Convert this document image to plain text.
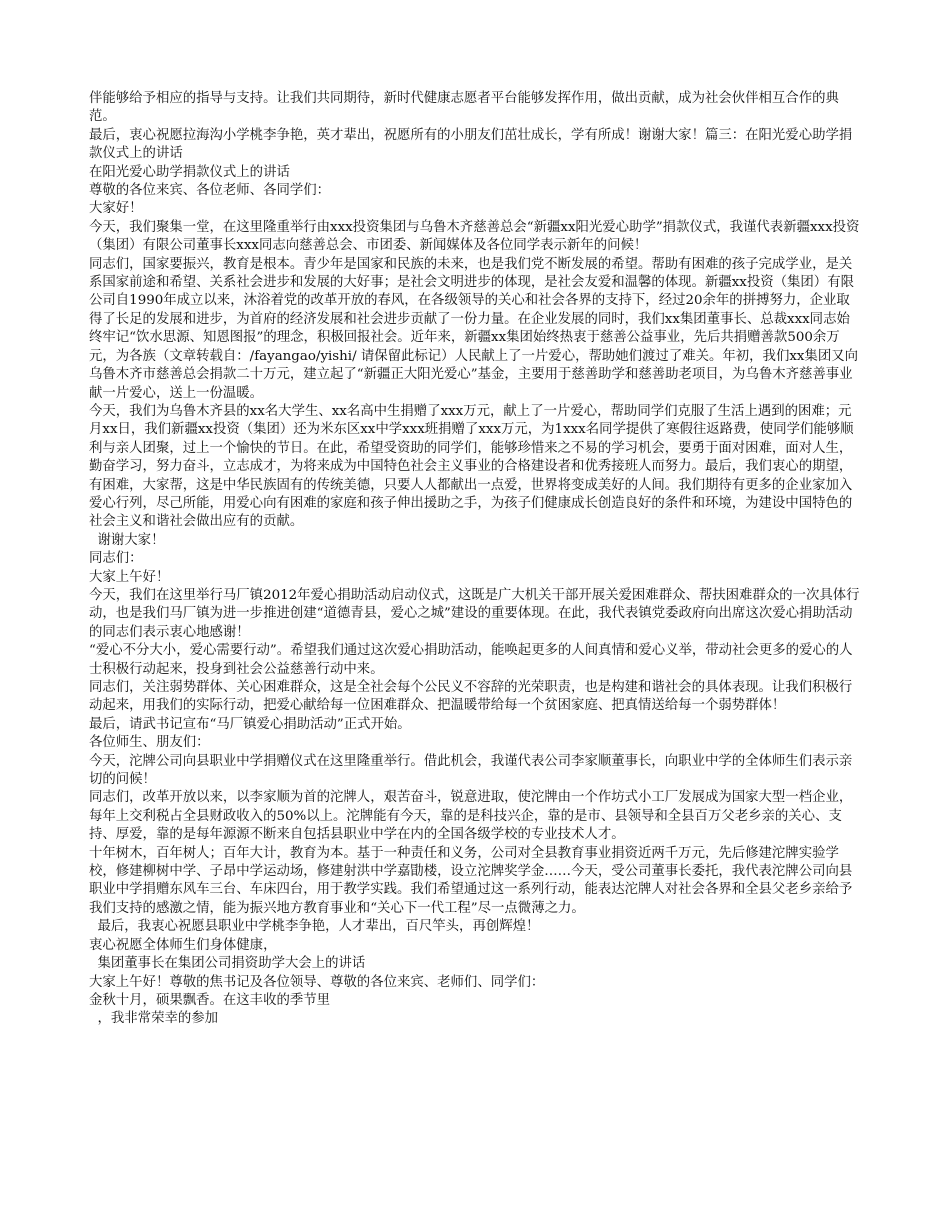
伴能够给予相应的指导与支持。让我们共同期待，新时代健康志愿者平台能够发挥作用，做出贡献，成为社会伙伴相互合作的典范。

最后，衷心祝愿拉海沟小学桃李争艳，英才辈出，祝愿所有的小朋友们茁壮成长，学有所成！谢谢大家！篇三：在阳光爱心助学捐款仪式上的讲话

在阳光爱心助学捐款仪式上的讲话

尊敬的各位来宾、各位老师、各同学们：

大家好！

今天，我们聚集一堂，在这里隆重举行由xxx投资集团与乌鲁木齐慈善总会“新疆xx阳光爱心助学”捐款仪式，我谨代表新疆xxx投资（集团）有限公司董事长xxx同志向慈善总会、市团委、新闻媒体及各位同学表示新年的问候！

同志们，国家要振兴，教育是根本。青少年是国家和民族的未来，也是我们党不断发展的希望。帮助有困难的孩子完成学业，是关系国家前途和希望、关系社会进步和发展的大好事；是社会文明进步的体现，是社会友爱和温馨的体现。新疆xx投资（集团）有限公司自1990年成立以来，沐浴着党的改革开放的春风，在各级领导的关心和社会各界的支持下，经过20余年的拼搏努力，企业取得了长足的发展和进步，为首府的经济发展和社会进步贡献了一份力量。在企业发展的同时，我们xx集团董事长、总裁xxx同志始终牢记“饮水思源、知恩图报”的理念，积极回报社会。近年来，新疆xx集团始终热衷于慈善公益事业，先后共捐赠善款500余万元，为各族（文章转载自：/fayangao/yishi/ 请保留此标记）人民献上了一片爱心，帮助她们渡过了难关。年初，我们xx集团又向乌鲁木齐市慈善总会捐款二十万元，建立起了“新疆正大阳光爱心”基金，主要用于慈善助学和慈善助老项目，为乌鲁木齐慈善事业献一片爱心，送上一份温暖。

今天，我们为乌鲁木齐县的xx名大学生、xx名高中生捐赠了xxx万元，献上了一片爱心，帮助同学们克服了生活上遇到的困难；元月xx日，我们新疆xx投资（集团）还为米东区xx中学xxx班捐赠了xxx万元，为1xxx名同学提供了寒假往返路费，使同学们能够顺利与亲人团聚，过上一个愉快的节日。在此，希望受资助的同学们，能够珍惜来之不易的学习机会，要勇于面对困难，面对人生，勤奋学习，努力奋斗，立志成才，为将来成为中国特色社会主义事业的合格建设者和优秀接班人而努力。最后，我们衷心的期望， 有困难，大家帮，这是中华民族固有的传统美德，只要人人都献出一点爱，世界将变成美好的人间。我们期待有更多的企业家加入爱心行列，尽己所能，用爱心向有困难的家庭和孩子伸出援助之手，为孩子们健康成长创造良好的条件和环境，为建设中国特色的社会主义和谐社会做出应有的贡献。

谢谢大家！

同志们：

大家上午好！

今天，我们在这里举行马厂镇2012年爱心捐助活动启动仪式，这既是广大机关干部开展关爱困难群众、帮扶困难群众的一次具体行动，也是我们马厂镇为进一步推进创建“道德青县，爱心之城”建设的重要体现。在此，我代表镇党委政府向出席这次爱心捐助活动的同志们表示衷心地感谢！

“爱心不分大小，爱心需要行动”。希望我们通过这次爱心捐助活动，能唤起更多的人间真情和爱心义举，带动社会更多的爱心的人士积极行动起来，投身到社会公益慈善行动中来。

同志们，关注弱势群体、关心困难群众，这是全社会每个公民义不容辞的光荣职责，也是构建和谐社会的具体表现。让我们积极行动起来，用我们的实际行动，把爱心献给每一位困难群众、把温暖带给每一个贫困家庭、把真情送给每一个弱势群体！

最后，请武书记宣布“马厂镇爱心捐助活动”正式开始。

各位师生、朋友们：

今天，沱牌公司向县职业中学捐赠仪式在这里隆重举行。借此机会，我谨代表公司李家顺董事长，向职业中学的全体师生们表示亲切的问候！

同志们，改革开放以来，以李家顺为首的沱牌人，艰苦奋斗，锐意进取，使沱牌由一个作坊式小工厂发展成为国家大型一档企业，每年上交利税占全县财政收入的50%以上。沱牌能有今天，靠的是科技兴企，靠的是市、县领导和全县百万父老乡亲的关心、支持、厚爱，靠的是每年源源不断来自包括县职业中学在内的全国各级学校的专业技术人才。

十年树木，百年树人；百年大计，教育为本。基于一种责任和义务，公司对全县教育事业捐资近两千万元，先后修建沱牌实验学校，修建柳树中学、子昂中学运动场，修建射洪中学嘉勖楼，设立沱牌奖学金……今天，受公司董事长委托，我代表沱牌公司向县职业中学捐赠东风车三台、车床四台，用于教学实践。我们希望通过这一系列行动，能表达沱牌人对社会各界和全县父老乡亲给予我们支持的感激之情，能为振兴地方教育事业和“关心下一代工程”尽一点微薄之力。

最后，我衷心祝愿县职业中学桃李争艳，人才辈出，百尺竿头，再创辉煌！

衷心祝愿全体师生们身体健康，

集团董事长在集团公司捐资助学大会上的讲话

大家上午好！尊敬的焦书记及各位领导、尊敬的各位来宾、老师们、同学们：

金秋十月，硕果飘香。在这丰收的季节里

，我非常荣幸的参加
